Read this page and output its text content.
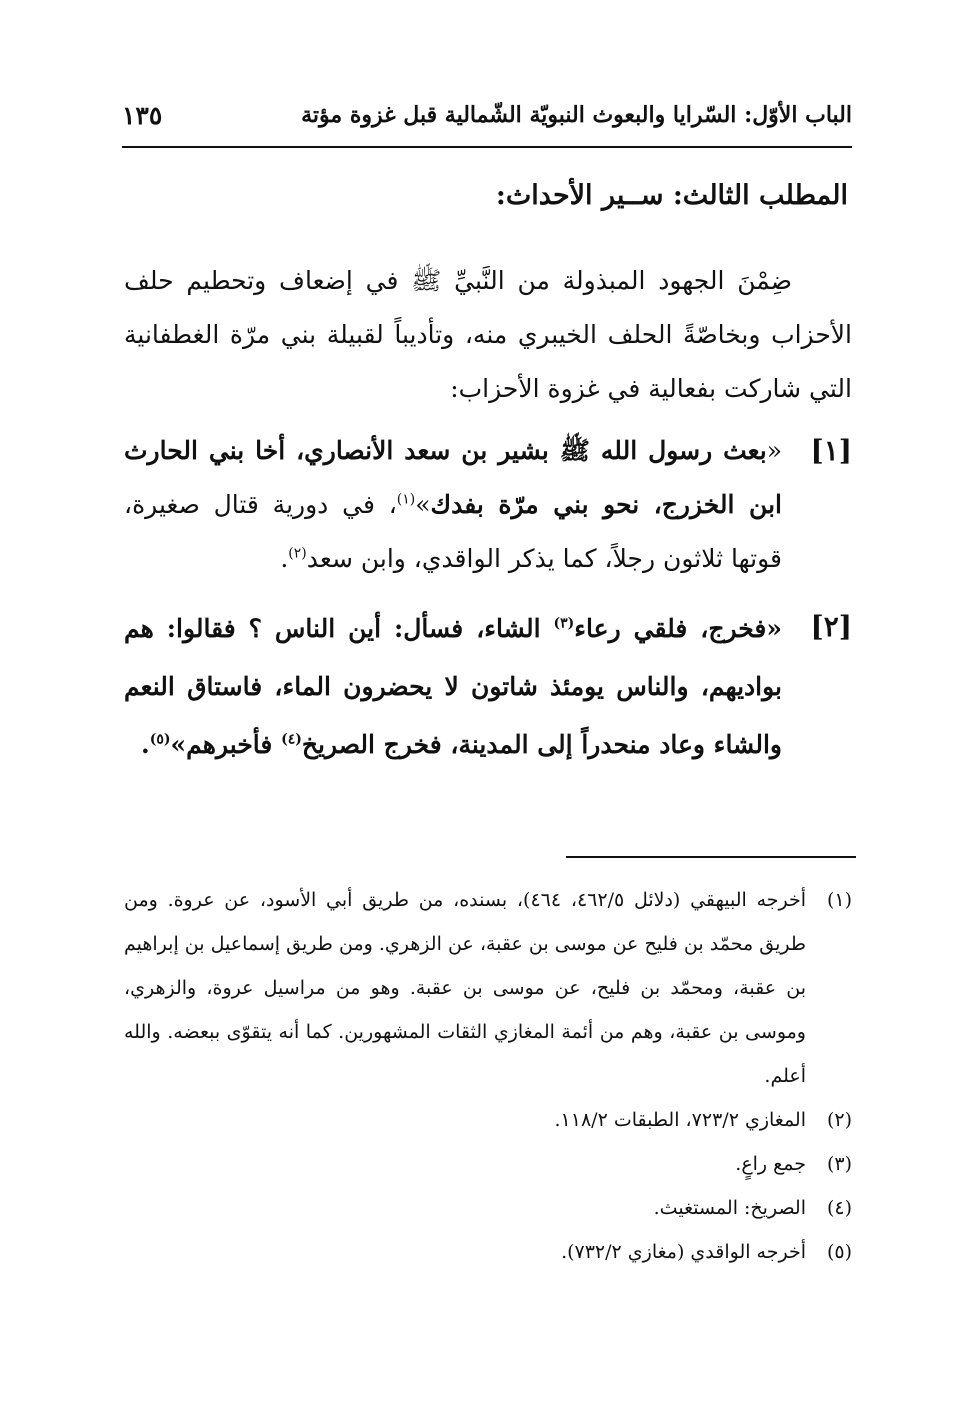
الباب الأوّل: السّرايا والبعوث النبويّة الشّمالية قبل غزوة مؤتة
١٣٥
المطلب الثالث: ســير الأحداث:

ضِمْنَ الجهود المبذولة من النَّبيِّ ﷺ في إضعاف وتحطيم حلف الأحزاب وبخاصّةً الحلف الخيبري منه، وتأديباً لقبيلة بني مرّة الغطفانية التي شاركت بفعالية في غزوة الأحزاب:

[١]
«بعث رسول الله ﷺ بشير بن سعد الأنصاري، أخا بني الحارث ابن الخزرج، نحو بني مرّة بفدك»$^{(١)}$، في دورية قتال صغيرة، قوتها ثلاثون رجلاً، كما يذكر الواقدي، وابن سعد$^{(٢)}$.
[٢]
«فخرج، فلقي رعاء$^{(٣)}$ الشاء، فسأل: أين الناس ؟ فقالوا: هم بواديهم، والناس يومئذ شاتون لا يحضرون الماء، فاستاق النعم والشاء وعاد منحدراً إلى المدينة، فخرج الصريخ$^{(٤)}$ فأخبرهم»$^{(٥)}$.
(١)
أخرجه البيهقي (دلائل ٤٦٢/٥، ٤٦٤)، بسنده، من طريق أبي الأسود، عن عروة. ومن طريق محمّد بن فليح عن موسى بن عقبة، عن الزهري. ومن طريق إسماعيل بن إبراهيم بن عقبة، ومحمّد بن فليح، عن موسى بن عقبة. وهو من مراسيل عروة، والزهري، وموسى بن عقبة، وهم من أئمة المغازي الثقات المشهورين. كما أنه يتقوّى ببعضه. والله أعلم.
(٢)
المغازي ٧٢٣/٢، الطبقات ١١٨/٢.
(٣)
جمع راعٍ.
(٤)
الصريخ: المستغيث.
(٥)
أخرجه الواقدي (مغازي ٧٣٢/٢).
